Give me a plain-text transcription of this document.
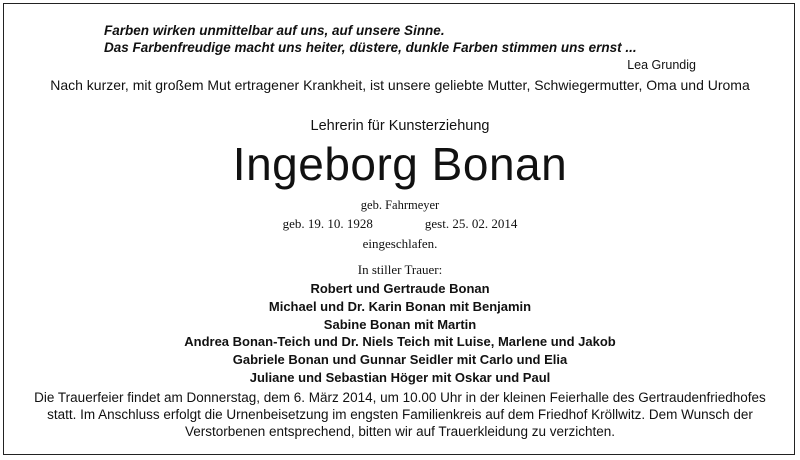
Farben wirken unmittelbar auf uns, auf unsere Sinne.
Das Farbenfreudige macht uns heiter, düstere, dunkle Farben stimmen uns ernst ...
Lea Grundig
Nach kurzer, mit großem Mut ertragener Krankheit, ist unsere geliebte Mutter, Schwiegermutter, Oma und Uroma
Lehrerin für Kunsterziehung
Ingeborg Bonan
geb. Fahrmeyer
geb. 19. 10. 1928	gest. 25. 02. 2014
eingeschlafen.
In stiller Trauer:
Robert und Gertraude Bonan
Michael und Dr. Karin Bonan mit Benjamin
Sabine Bonan mit Martin
Andrea Bonan-Teich und Dr. Niels Teich mit Luise, Marlene und Jakob
Gabriele Bonan und Gunnar Seidler mit Carlo und Elia
Juliane und Sebastian Höger mit Oskar und Paul
Die Trauerfeier findet am Donnerstag, dem 6. März 2014, um 10.00 Uhr in der kleinen Feierhalle des Gertraudenfriedhofes statt. Im Anschluss erfolgt die Urnenbeisetzung im engsten Familienkreis auf dem Friedhof Kröllwitz. Dem Wunsch der Verstorbenen entsprechend, bitten wir auf Trauerkleidung zu verzichten.
